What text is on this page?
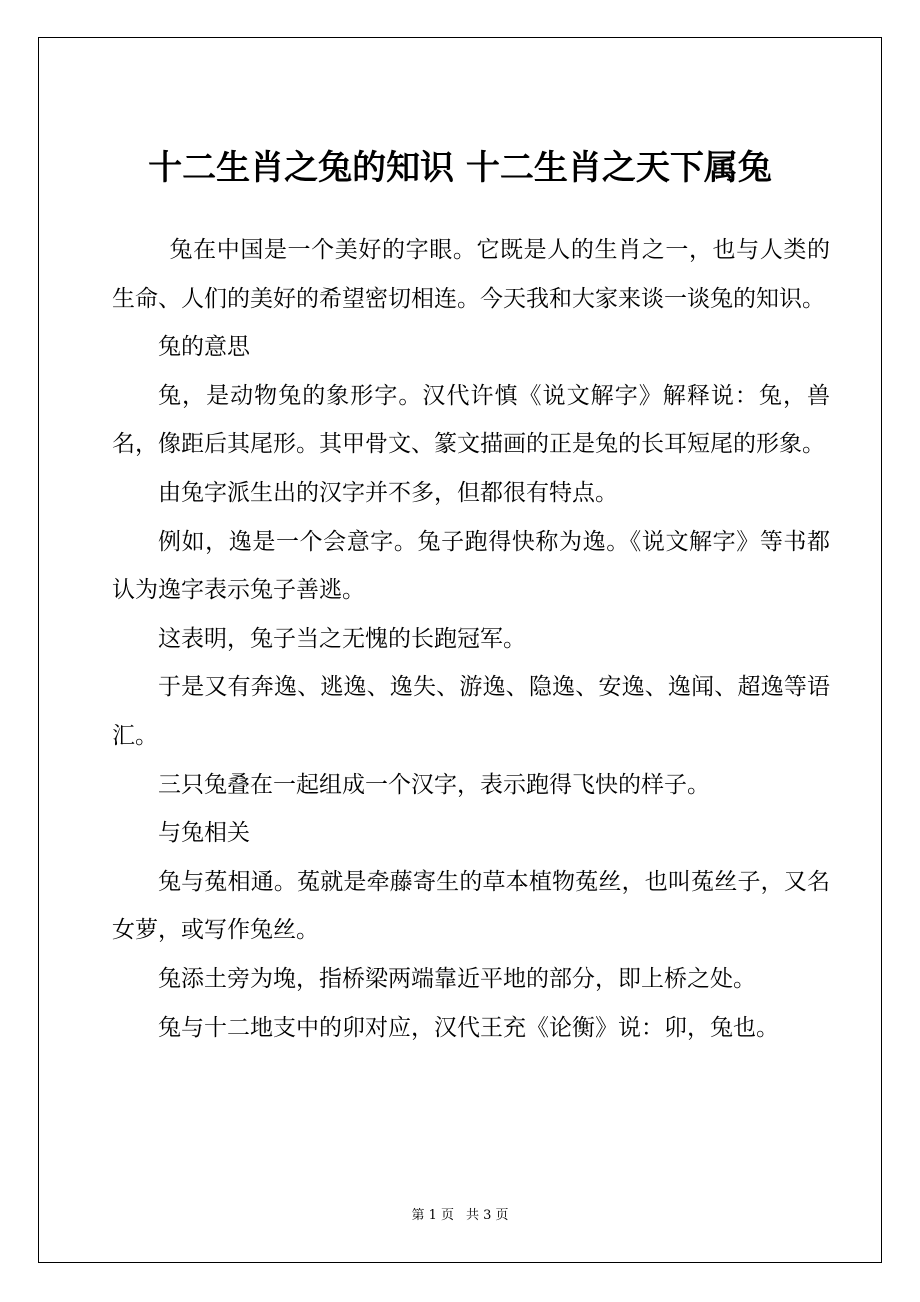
十二生肖之兔的知识 十二生肖之天下属兔

兔在中国是一个美好的字眼。它既是人的生肖之一，也与人类的生命、人们的美好的希望密切相连。今天我和大家来谈一谈兔的知识。

兔的意思

兔，是动物兔的象形字。汉代许慎《说文解字》解释说：兔，兽名，像距后其尾形。其甲骨文、篆文描画的正是兔的长耳短尾的形象。

由兔字派生出的汉字并不多，但都很有特点。

例如，逸是一个会意字。兔子跑得快称为逸。《说文解字》等书都认为逸字表示兔子善逃。

这表明，兔子当之无愧的长跑冠军。

于是又有奔逸、逃逸、逸失、游逸、隐逸、安逸、逸闻、超逸等语汇。

三只兔叠在一起组成一个汉字，表示跑得飞快的样子。

与兔相关

兔与菟相通。菟就是牵藤寄生的草本植物菟丝，也叫菟丝子，又名女萝，或写作兔丝。

兔添土旁为堍，指桥梁两端靠近平地的部分，即上桥之处。

兔与十二地支中的卯对应，汉代王充《论衡》说：卯，兔也。

第 1 页 共 3 页
